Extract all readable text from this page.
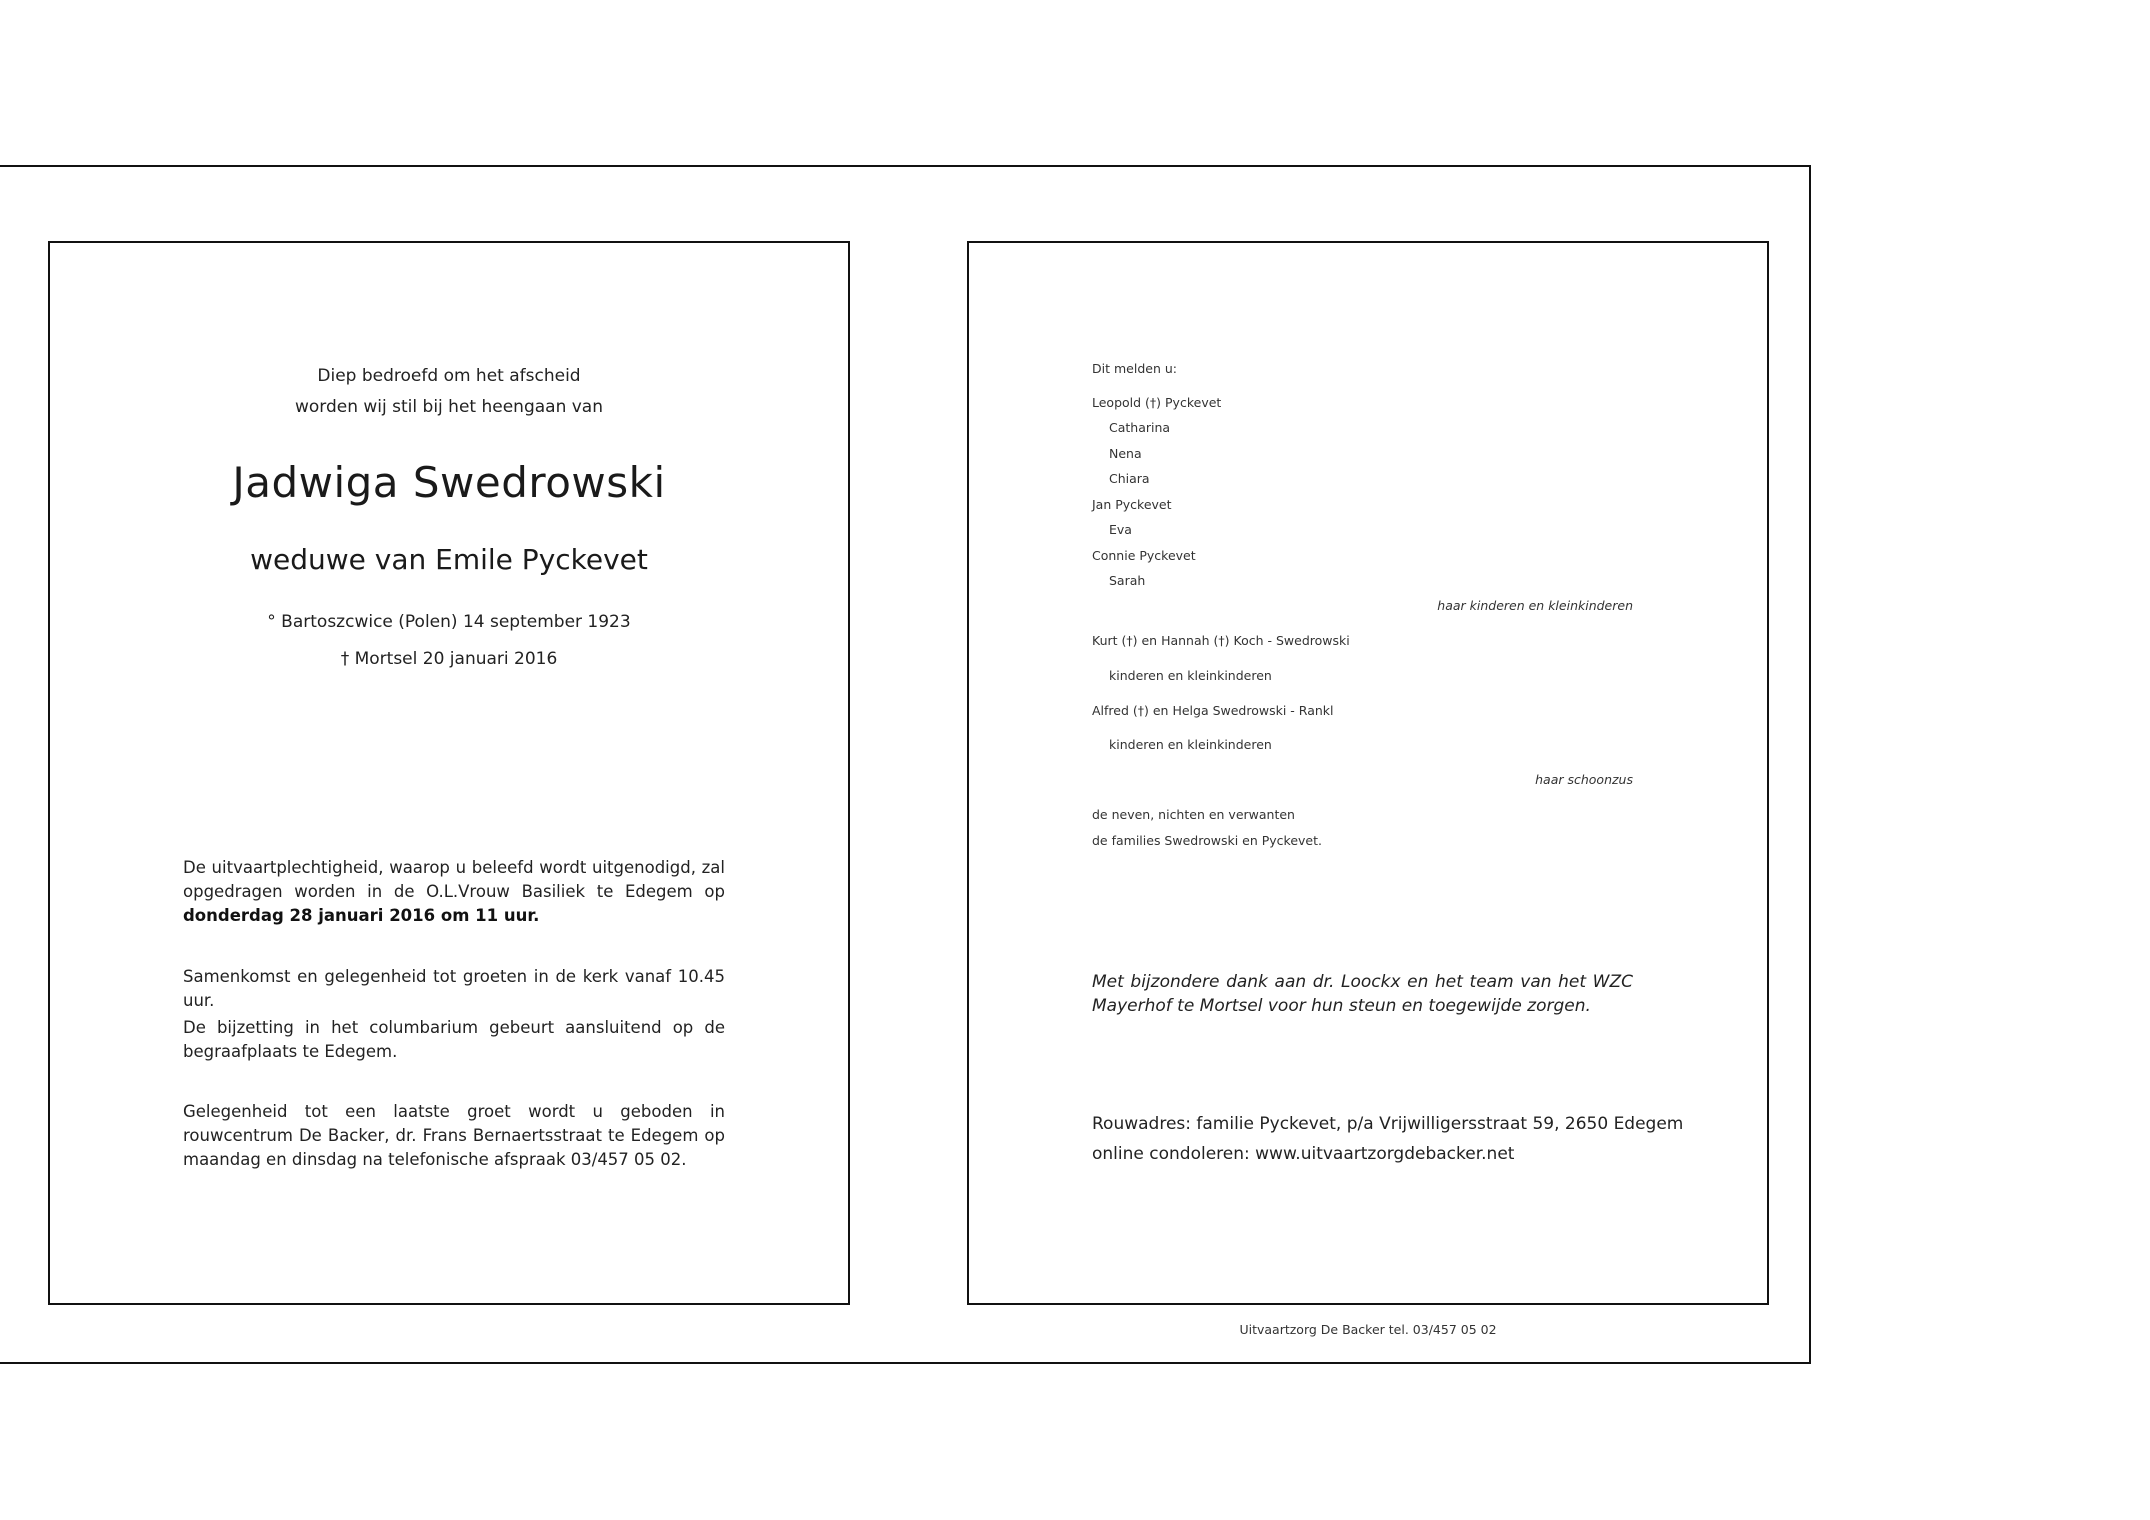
Diep bedroefd om het afscheid
worden wij stil bij het heengaan van
Jadwiga Swedrowski
weduwe van Emile Pyckevet
° Bartoszcwice (Polen) 14 september 1923
† Mortsel 20 januari 2016
De uitvaartplechtigheid, waarop u beleefd wordt uitgenodigd, zal opgedragen worden in de O.L.Vrouw Basiliek te Edegem op donderdag 28 januari 2016 om 11 uur.
Samenkomst en gelegenheid tot groeten in de kerk vanaf 10.45 uur.
De bijzetting in het columbarium gebeurt aansluitend op de begraafplaats te Edegem.
Gelegenheid tot een laatste groet wordt u geboden in rouwcentrum De Backer, dr. Frans Bernaertsstraat te Edegem op maandag en dinsdag na telefonische afspraak 03/457 05 02.
Dit melden u:
Leopold (†) Pyckevet
Catharina
Nena
Chiara
Jan Pyckevet
Eva
Connie Pyckevet
Sarah
haar kinderen en kleinkinderen
Kurt (†) en Hannah (†) Koch - Swedrowski
kinderen en kleinkinderen
Alfred (†) en Helga Swedrowski - Rankl
kinderen en kleinkinderen
haar schoonzus
de neven, nichten en verwanten
de families Swedrowski en Pyckevet.
Met bijzondere dank aan dr. Loockx en het team van het WZC Mayerhof te Mortsel voor hun steun en toegewijde zorgen.
Rouwadres: familie Pyckevet, p/a Vrijwilligersstraat 59, 2650 Edegem
online condoleren: www.uitvaartzorgdebacker.net
Uitvaartzorg De Backer tel. 03/457 05 02
